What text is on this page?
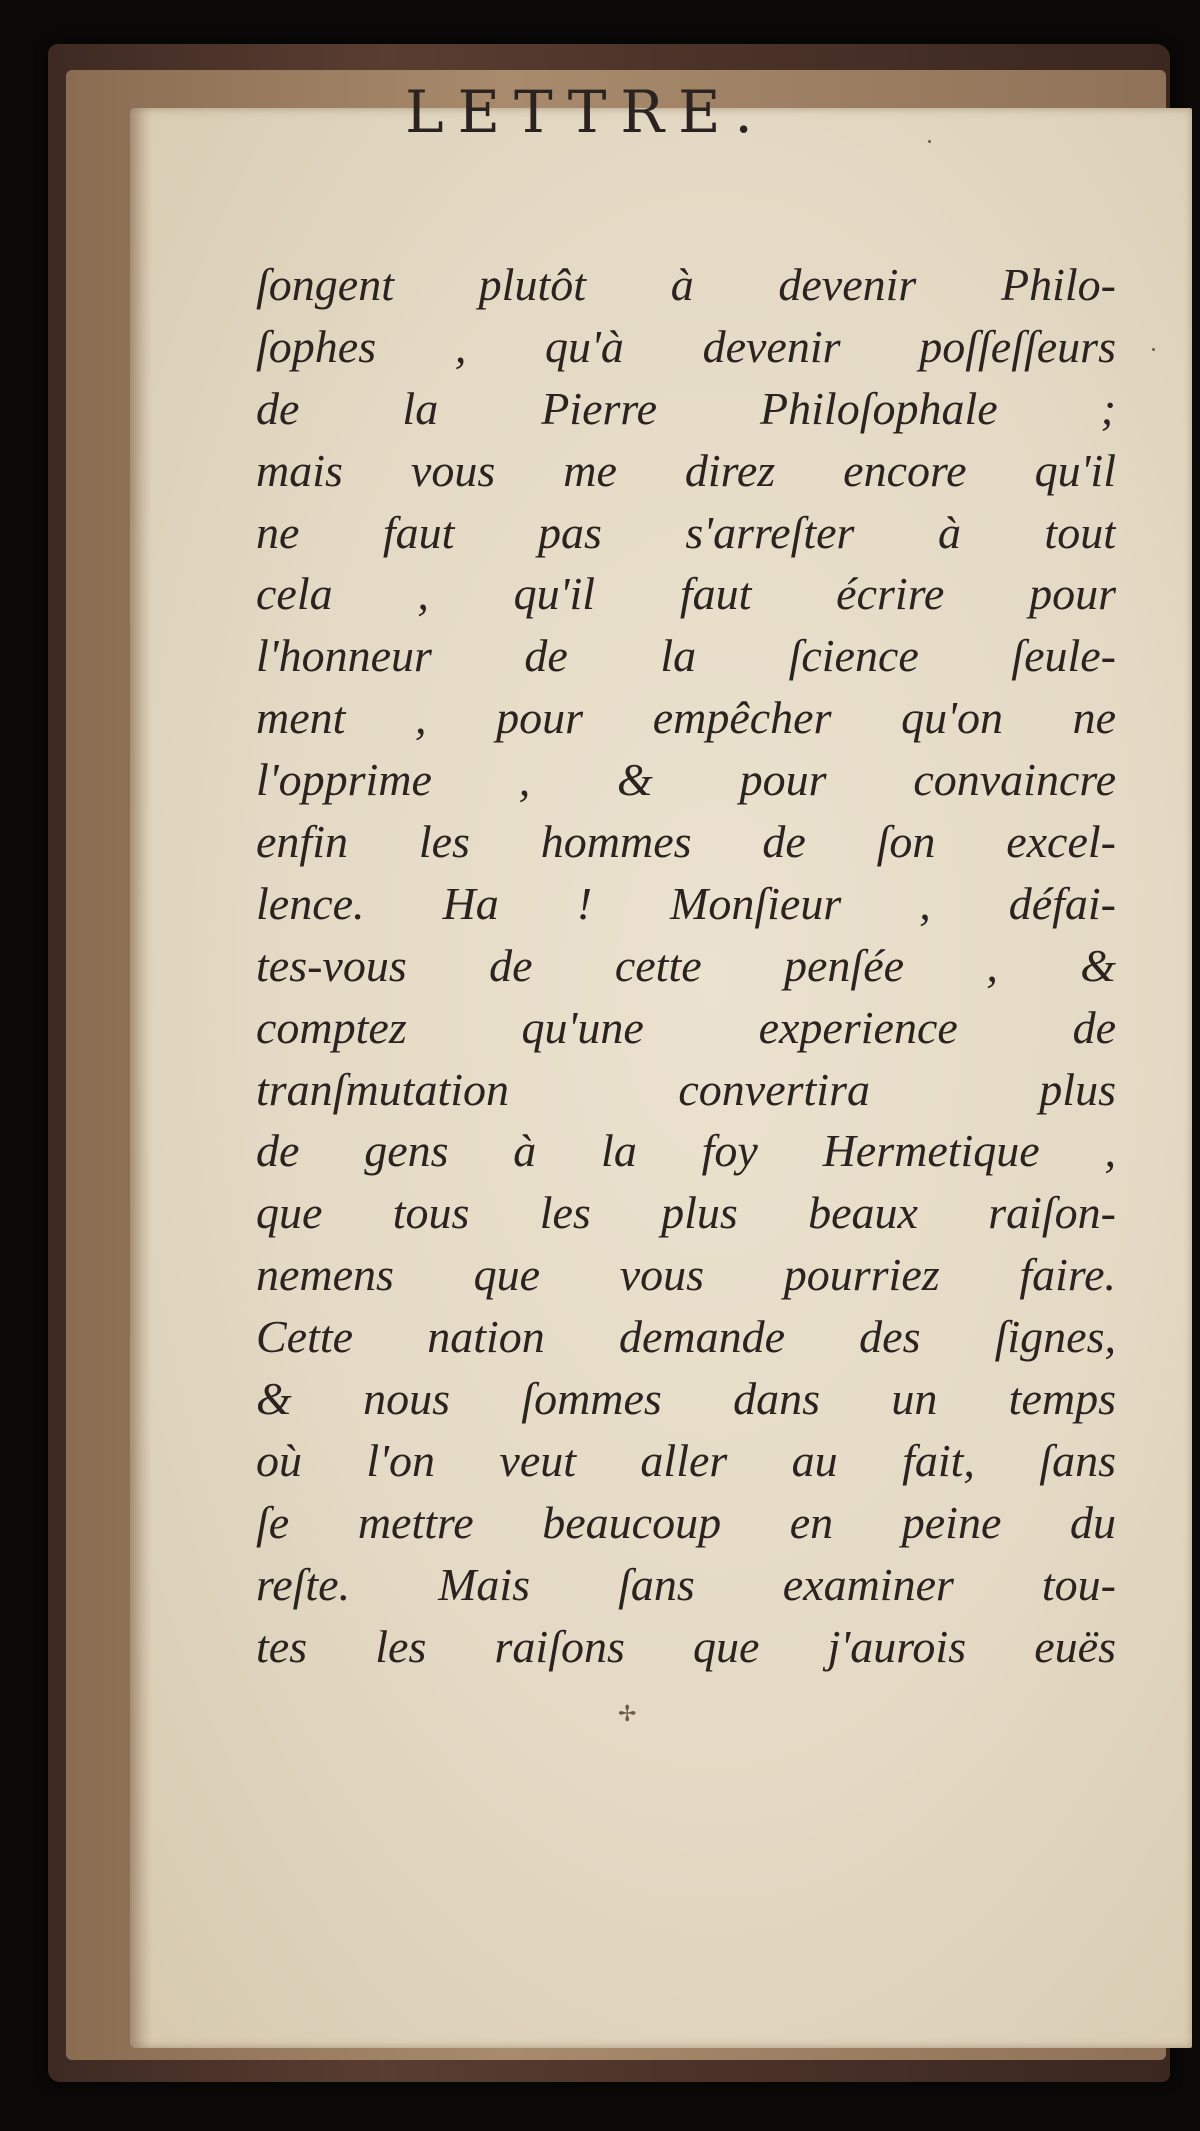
LETTRE.
ſongent plutôt à devenir Philo-
ſophes , qu'à devenir poſſeſſeurs
de la Pierre Philoſophale ;
mais vous me direz encore qu'il
ne faut pas s'arreſter à tout
cela , qu'il faut écrire pour
l'honneur de la ſcience ſeule-
ment , pour empêcher qu'on ne
l'opprime , & pour convaincre
enfin les hommes de ſon excel-
lence. Ha ! Monſieur , défai-
tes-vous de cette penſée , &
comptez qu'une experience de
tranſmutation convertira plus
de gens à la foy Hermetique ,
que tous les plus beaux raiſon-
nemens que vous pourriez faire.
Cette nation demande des ſignes,
& nous ſommes dans un temps
où l'on veut aller au fait, ſans
ſe mettre beaucoup en peine du
reſte. Mais ſans examiner tou-
tes les raiſons que j'aurois euës
✢
